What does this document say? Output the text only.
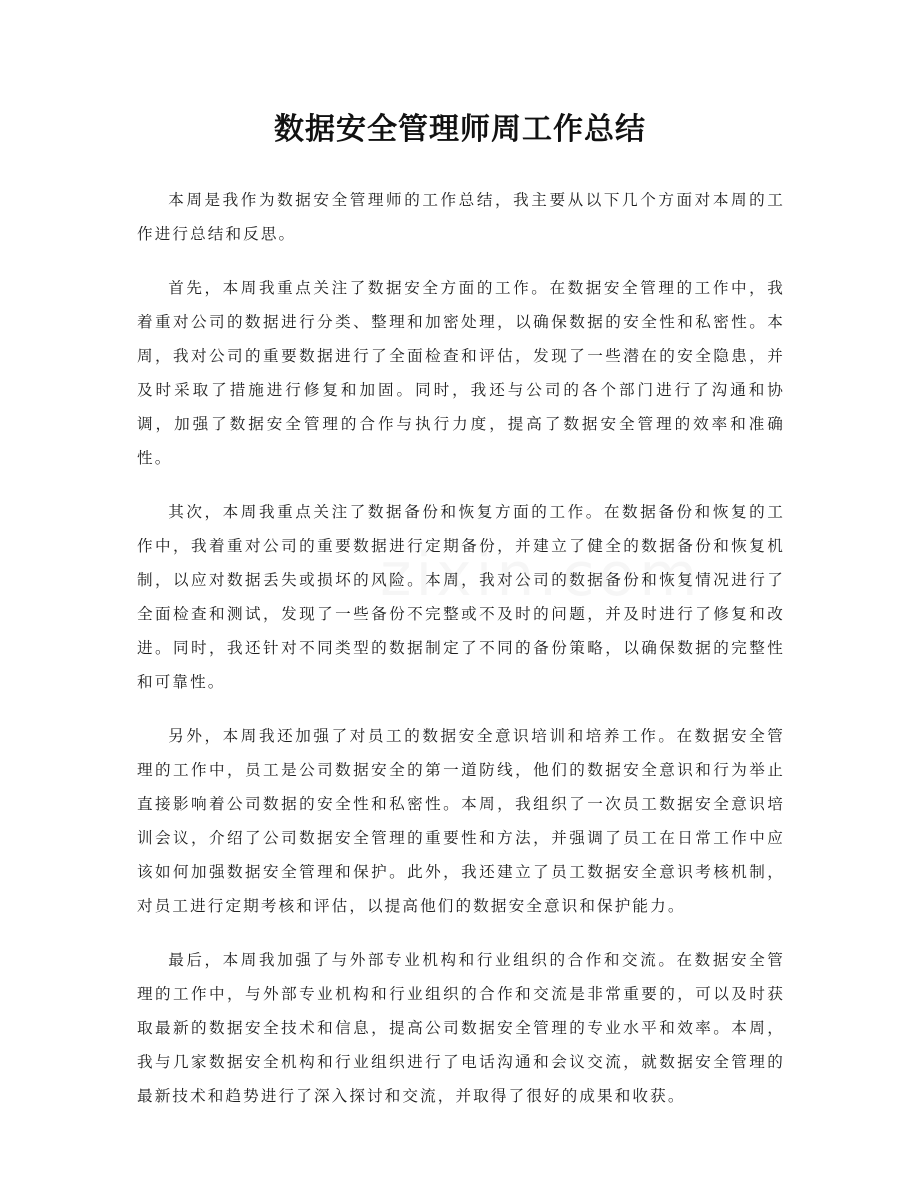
数据安全管理师周工作总结

本周是我作为数据安全管理师的工作总结，我主要从以下几个方面对本周的工作进行总结和反思。

首先，本周我重点关注了数据安全方面的工作。在数据安全管理的工作中，我着重对公司的数据进行分类、整理和加密处理，以确保数据的安全性和私密性。本周，我对公司的重要数据进行了全面检查和评估，发现了一些潜在的安全隐患，并及时采取了措施进行修复和加固。同时，我还与公司的各个部门进行了沟通和协调，加强了数据安全管理的合作与执行力度，提高了数据安全管理的效率和准确性。

其次，本周我重点关注了数据备份和恢复方面的工作。在数据备份和恢复的工作中，我着重对公司的重要数据进行定期备份，并建立了健全的数据备份和恢复机制，以应对数据丢失或损坏的风险。本周，我对公司的数据备份和恢复情况进行了全面检查和测试，发现了一些备份不完整或不及时的问题，并及时进行了修复和改进。同时，我还针对不同类型的数据制定了不同的备份策略，以确保数据的完整性和可靠性。

另外，本周我还加强了对员工的数据安全意识培训和培养工作。在数据安全管理的工作中，员工是公司数据安全的第一道防线，他们的数据安全意识和行为举止直接影响着公司数据的安全性和私密性。本周，我组织了一次员工数据安全意识培训会议，介绍了公司数据安全管理的重要性和方法，并强调了员工在日常工作中应该如何加强数据安全管理和保护。此外，我还建立了员工数据安全意识考核机制，对员工进行定期考核和评估，以提高他们的数据安全意识和保护能力。

最后，本周我加强了与外部专业机构和行业组织的合作和交流。在数据安全管理的工作中，与外部专业机构和行业组织的合作和交流是非常重要的，可以及时获取最新的数据安全技术和信息，提高公司数据安全管理的专业水平和效率。本周，我与几家数据安全机构和行业组织进行了电话沟通和会议交流，就数据安全管理的最新技术和趋势进行了深入探讨和交流，并取得了很好的成果和收获。
